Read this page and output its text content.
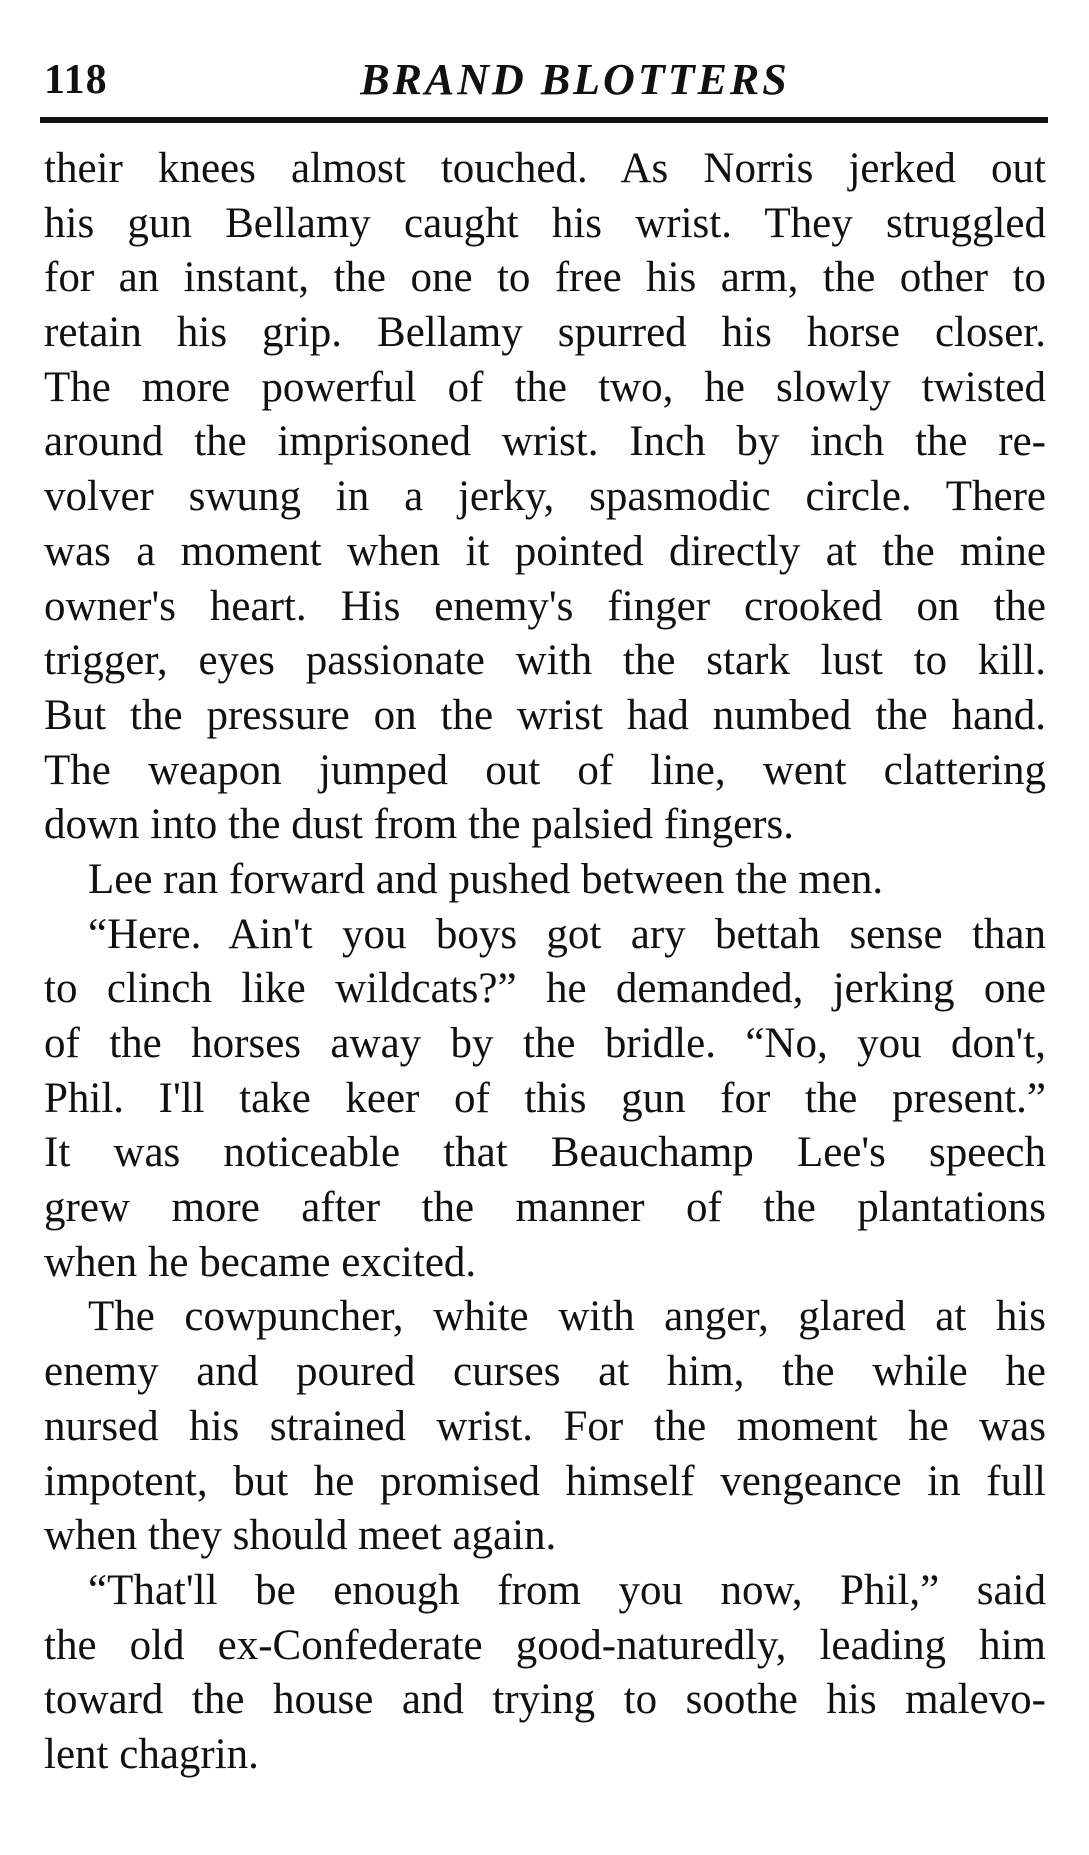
118	BRAND BLOTTERS
their knees almost touched. As Norris jerked out
his gun Bellamy caught his wrist. They struggled
for an instant, the one to free his arm, the other to
retain his grip. Bellamy spurred his horse closer.
The more powerful of the two, he slowly twisted
around the imprisoned wrist. Inch by inch the re-
volver swung in a jerky, spasmodic circle. There
was a moment when it pointed directly at the mine
owner's heart. His enemy's finger crooked on the
trigger, eyes passionate with the stark lust to kill.
But the pressure on the wrist had numbed the hand.
The weapon jumped out of line, went clattering
down into the dust from the palsied fingers.
Lee ran forward and pushed between the men.
“Here. Ain't you boys got ary bettah sense than
to clinch like wildcats?” he demanded, jerking one
of the horses away by the bridle. “No, you don't,
Phil. I'll take keer of this gun for the present.”
It was noticeable that Beauchamp Lee's speech
grew more after the manner of the plantations
when he became excited.
The cowpuncher, white with anger, glared at his
enemy and poured curses at him, the while he
nursed his strained wrist. For the moment he was
impotent, but he promised himself vengeance in full
when they should meet again.
“That'll be enough from you now, Phil,” said
the old ex-Confederate good-naturedly, leading him
toward the house and trying to soothe his malevo-
lent chagrin.
